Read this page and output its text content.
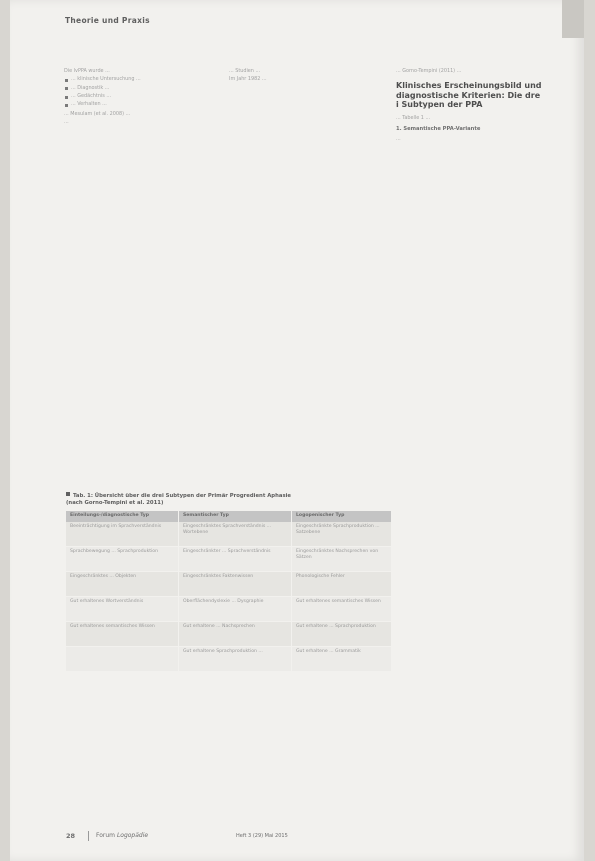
Theorie und Praxis

Die lvPPA wurde ...

... klinische Untersuchung ...
... Diagnostik ...
... Gedächtnis ...
... Verhalten ...

... Mesulam (et al. 2008) ...

...

... Studien ...

Im Jahr 1982 ...

... Gorno-Tempini (2011) ...

Klinisches Erscheinungsbild und diagnostische Kriterien: Die drei Subtypen der PPA

... Tabelle 1 ...

1. Semantische PPA-Variante

...

Tab. 1: Übersicht über die drei Subtypen der Primär Progredient Aphasie
(nach Gorno-Tempini et al. 2011)
Einteilungs-/diagnostische Typ	Semantischer Typ	Logopenischer Typ
Beeinträchtigung im Sprachverständnis	Eingeschränktes Sprachverständnis ... Wortebene	Eingeschränkte Sprachproduktion ... Satzebene
Sprachbewegung ... Sprachproduktion	Eingeschränkter ... Sprachverständnis	Eingeschränktes Nachsprechen von Sätzen
Eingeschränktes ... Objekten	Eingeschränktes Faktenwissen	Phonologische Fehler
Gut erhaltenes Wortverständnis	Oberflächendyslexie ... Dysgraphie	Gut erhaltenes semantisches Wissen
Gut erhaltenes semantisches Wissen	Gut erhaltene ... Nachsprechen	Gut erhaltene ... Sprachproduktion
	Gut erhaltene Sprachproduktion ...	Gut erhaltene ... Grammatik
28	Forum Logopädie	Heft 3 (29) Mai 2015
